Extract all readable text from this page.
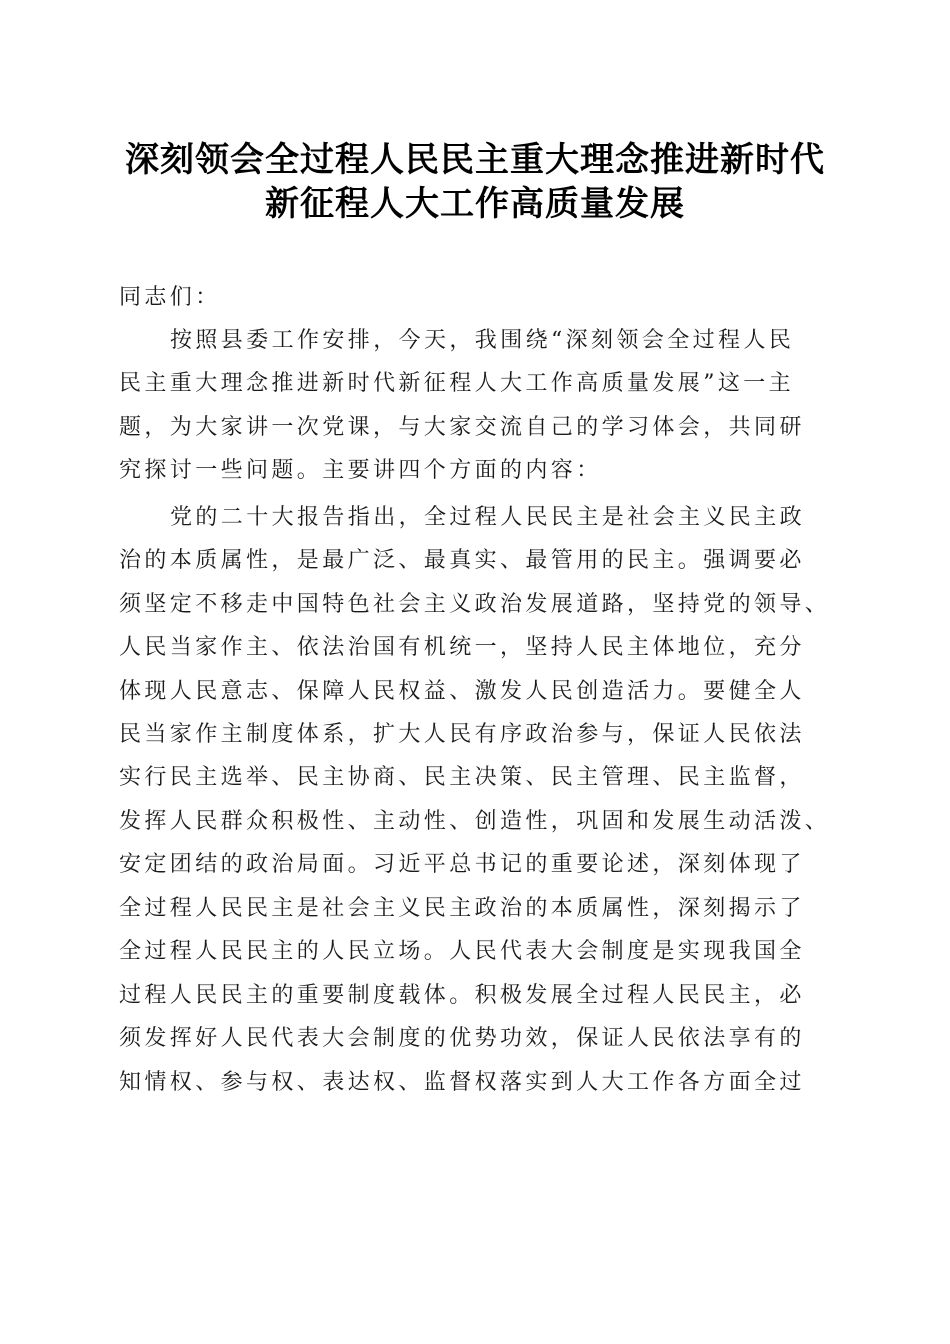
深刻领会全过程人民民主重大理念推进新时代
新征程人大工作高质量发展
同志们：
按照县委工作安排，今天，我围绕“深刻领会全过程人民
民主重大理念推进新时代新征程人大工作高质量发展”这一主
题，为大家讲一次党课，与大家交流自己的学习体会，共同研
究探讨一些问题。主要讲四个方面的内容：
党的二十大报告指出，全过程人民民主是社会主义民主政
治的本质属性，是最广泛、最真实、最管用的民主。强调要必
须坚定不移走中国特色社会主义政治发展道路，坚持党的领导、
人民当家作主、依法治国有机统一，坚持人民主体地位，充分
体现人民意志、保障人民权益、激发人民创造活力。要健全人
民当家作主制度体系，扩大人民有序政治参与，保证人民依法
实行民主选举、民主协商、民主决策、民主管理、民主监督，
发挥人民群众积极性、主动性、创造性，巩固和发展生动活泼、
安定团结的政治局面。习近平总书记的重要论述，深刻体现了
全过程人民民主是社会主义民主政治的本质属性，深刻揭示了
全过程人民民主的人民立场。人民代表大会制度是实现我国全
过程人民民主的重要制度载体。积极发展全过程人民民主，必
须发挥好人民代表大会制度的优势功效，保证人民依法享有的
知情权、参与权、表达权、监督权落实到人大工作各方面全过
